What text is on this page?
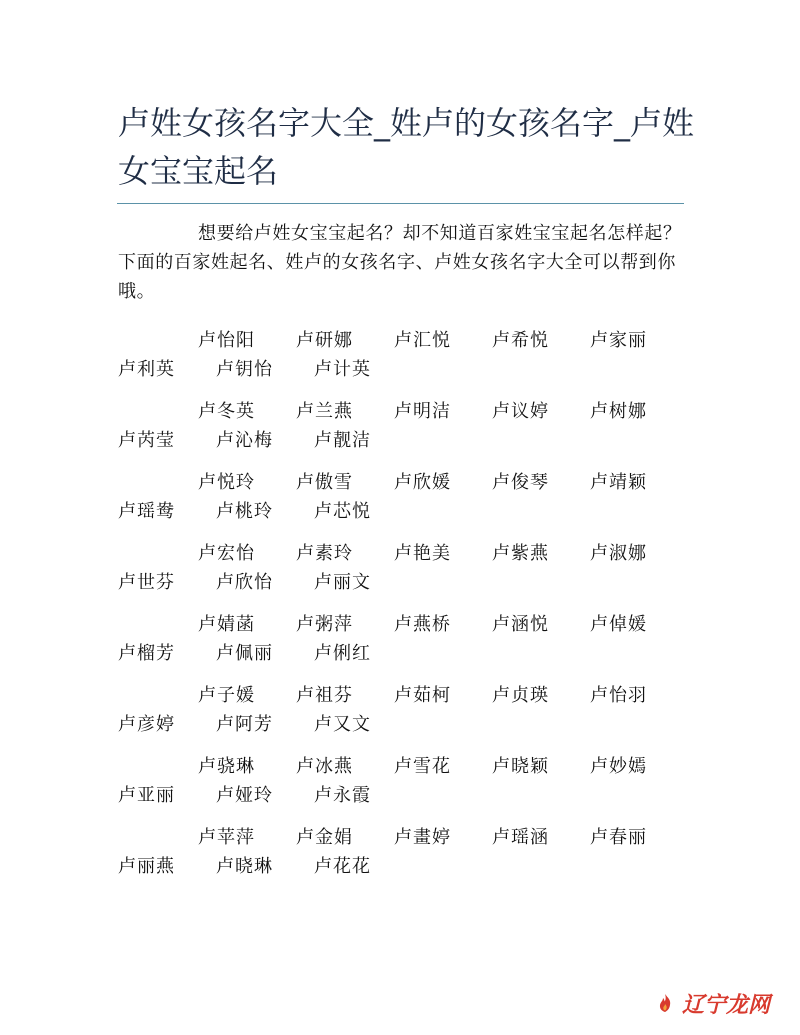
卢姓女孩名字大全_姓卢的女孩名字_卢姓女宝宝起名

想要给卢姓女宝宝起名？却不知道百家姓宝宝起名怎样起？下面的百家姓起名、姓卢的女孩名字、卢姓女孩名字大全可以帮到你哦。

卢怡阳	卢研娜	卢汇悦	卢希悦	卢家丽
卢利英	卢钥怡	卢计英
卢冬英	卢兰燕	卢明洁	卢议婷	卢树娜
卢芮莹	卢沁梅	卢靓洁
卢悦玲	卢傲雪	卢欣媛	卢俊琴	卢靖颖
卢瑶鸯	卢桃玲	卢芯悦
卢宏怡	卢素玲	卢艳美	卢紫燕	卢淑娜
卢世芬	卢欣怡	卢丽文
卢婧菡	卢粥萍	卢燕桥	卢涵悦	卢倬媛
卢榴芳	卢佩丽	卢俐红
卢子媛	卢祖芬	卢茹柯	卢贞瑛	卢怡羽
卢彦婷	卢阿芳	卢又文
卢骁琳	卢冰燕	卢雪花	卢晓颖	卢妙嫣
卢亚丽	卢娅玲	卢永霞
卢苹萍	卢金娟	卢畫婷	卢瑶涵	卢春丽
卢丽燕	卢晓琳	卢花花
辽宁龙网
